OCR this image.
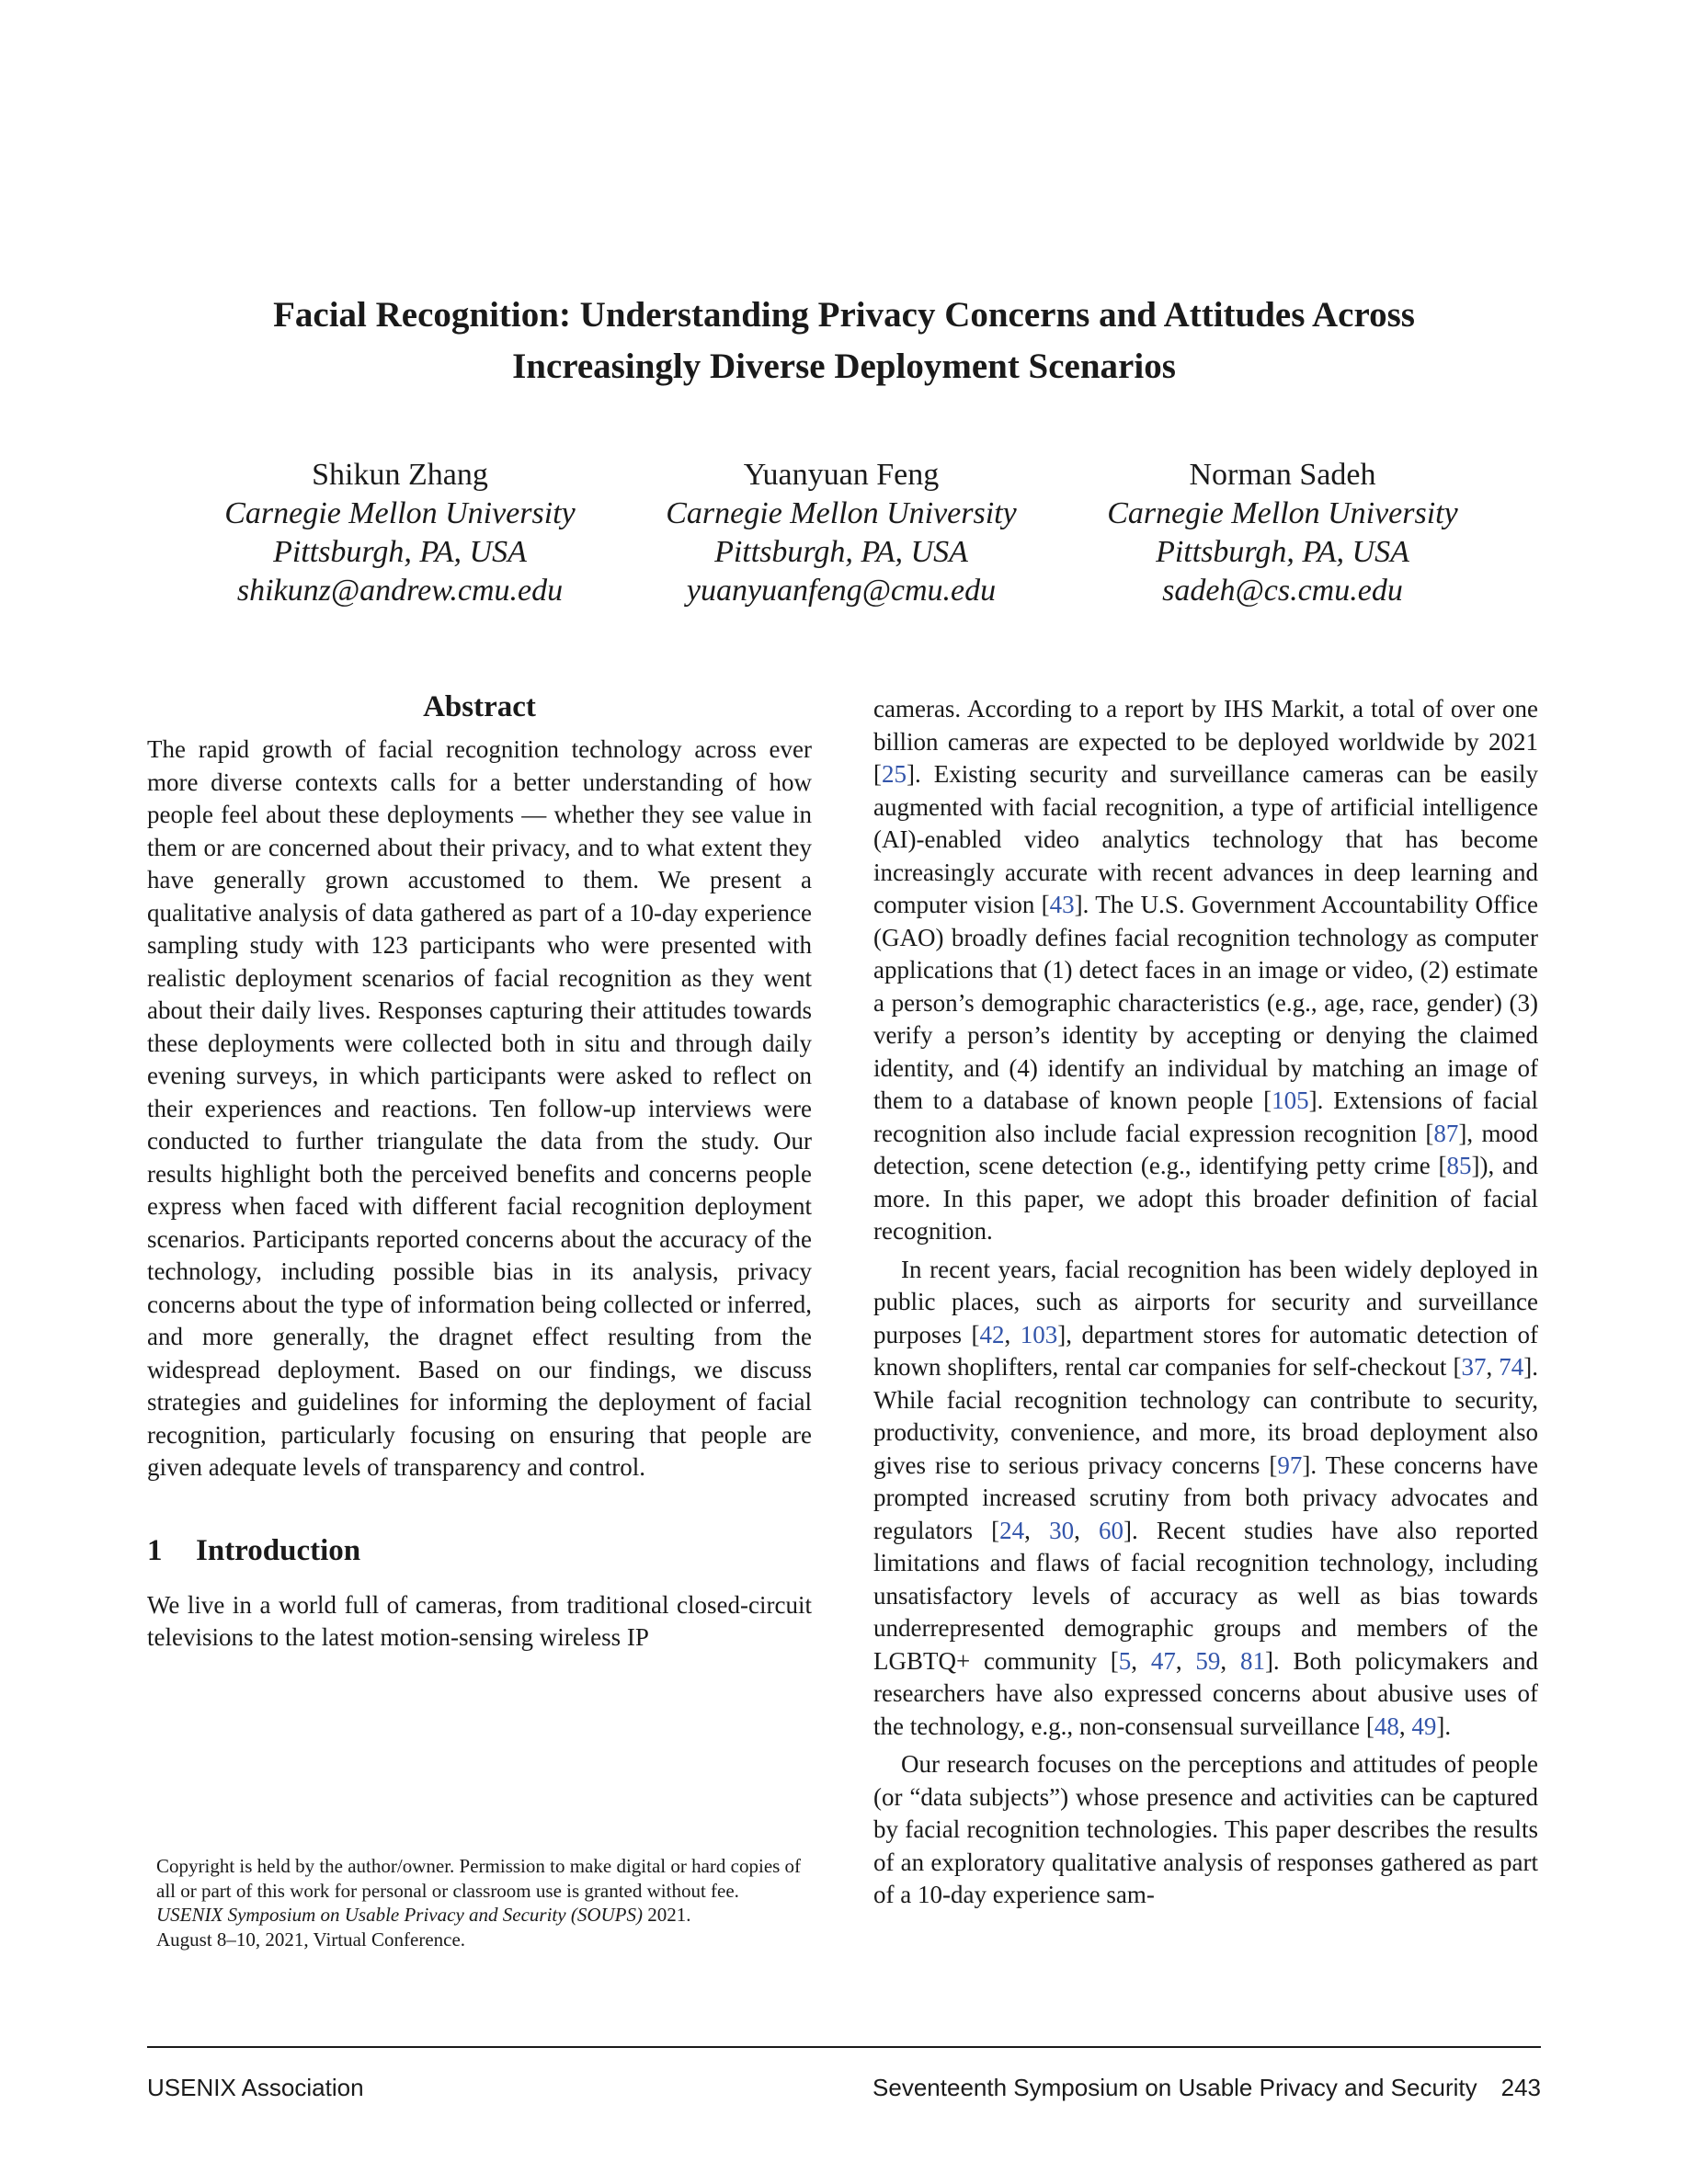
Facial Recognition: Understanding Privacy Concerns and Attitudes Across
Increasingly Diverse Deployment Scenarios
Shikun Zhang
Carnegie Mellon University
Pittsburgh, PA, USA
shikunz@andrew.cmu.edu
Yuanyuan Feng
Carnegie Mellon University
Pittsburgh, PA, USA
yuanyuanfeng@cmu.edu
Norman Sadeh
Carnegie Mellon University
Pittsburgh, PA, USA
sadeh@cs.cmu.edu
Abstract

The rapid growth of facial recognition technology across ever more diverse contexts calls for a better understanding of how people feel about these deployments — whether they see value in them or are concerned about their privacy, and to what extent they have generally grown accustomed to them. We present a qualitative analysis of data gathered as part of a 10-day experience sampling study with 123 participants who were presented with realistic deployment scenarios of facial recognition as they went about their daily lives. Responses capturing their attitudes towards these deployments were collected both in situ and through daily evening surveys, in which participants were asked to reflect on their experiences and reactions. Ten follow-up interviews were conducted to further triangulate the data from the study. Our results highlight both the perceived benefits and concerns people express when faced with different facial recognition deployment scenarios. Participants reported concerns about the accuracy of the technology, including possible bias in its analysis, privacy concerns about the type of information being collected or inferred, and more generally, the dragnet effect resulting from the widespread deployment. Based on our findings, we discuss strategies and guidelines for informing the deployment of facial recognition, particularly focusing on ensuring that people are given adequate levels of transparency and control.

1 Introduction

We live in a world full of cameras, from traditional closed-circuit televisions to the latest motion-sensing wireless IP

cameras. According to a report by IHS Markit, a total of over one billion cameras are expected to be deployed worldwide by 2021 [25]. Existing security and surveillance cameras can be easily augmented with facial recognition, a type of artificial intelligence (AI)-enabled video analytics technology that has become increasingly accurate with recent advances in deep learning and computer vision [43]. The U.S. Government Accountability Office (GAO) broadly defines facial recognition technology as computer applications that (1) detect faces in an image or video, (2) estimate a person’s demographic characteristics (e.g., age, race, gender) (3) verify a person’s identity by accepting or denying the claimed identity, and (4) identify an individual by matching an image of them to a database of known people [105]. Extensions of facial recognition also include facial expression recognition [87], mood detection, scene detection (e.g., identifying petty crime [85]), and more. In this paper, we adopt this broader definition of facial recognition.

In recent years, facial recognition has been widely deployed in public places, such as airports for security and surveillance purposes [42, 103], department stores for automatic detection of known shoplifters, rental car companies for self-checkout [37, 74]. While facial recognition technology can contribute to security, productivity, convenience, and more, its broad deployment also gives rise to serious privacy concerns [97]. These concerns have prompted increased scrutiny from both privacy advocates and regulators [24, 30, 60]. Recent studies have also reported limitations and flaws of facial recognition technology, including unsatisfactory levels of accuracy as well as bias towards underrepresented demographic groups and members of the LGBTQ+ community [5, 47, 59, 81]. Both policymakers and researchers have also expressed concerns about abusive uses of the technology, e.g., non-consensual surveillance [48, 49].

Our research focuses on the perceptions and attitudes of people (or “data subjects”) whose presence and activities can be captured by facial recognition technologies. This paper describes the results of an exploratory qualitative analysis of responses gathered as part of a 10-day experience sam-

Copyright is held by the author/owner. Permission to make digital or hard copies of all or part of this work for personal or classroom use is granted without fee.
USENIX Symposium on Usable Privacy and Security (SOUPS) 2021.
August 8–10, 2021, Virtual Conference.
USENIX Association	Seventeenth Symposium on Usable Privacy and Security 243
